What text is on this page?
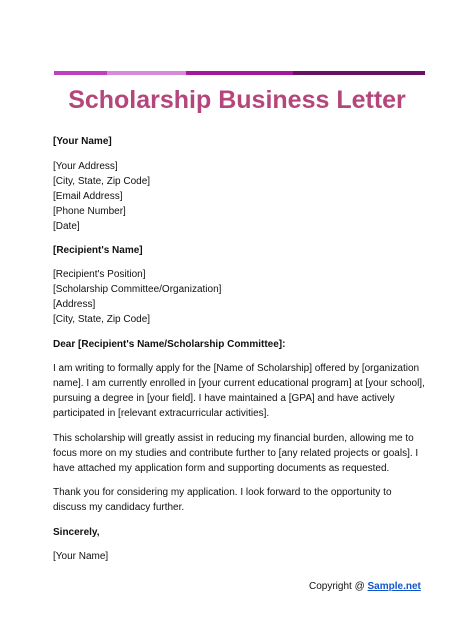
Scholarship Business Letter
[Your Name]
[Your Address]
[City, State, Zip Code]
[Email Address]
[Phone Number]
[Date]
[Recipient's Name]
[Recipient's Position]
[Scholarship Committee/Organization]
[Address]
[City, State, Zip Code]
Dear [Recipient's Name/Scholarship Committee]:
I am writing to formally apply for the [Name of Scholarship] offered by [organization name]. I am currently enrolled in [your current educational program] at [your school], pursuing a degree in [your field]. I have maintained a [GPA] and have actively participated in [relevant extracurricular activities].
This scholarship will greatly assist in reducing my financial burden, allowing me to focus more on my studies and contribute further to [any related projects or goals]. I have attached my application form and supporting documents as requested.
Thank you for considering my application. I look forward to the opportunity to discuss my candidacy further.
Sincerely,
[Your Name]
Copyright @ Sample.net
